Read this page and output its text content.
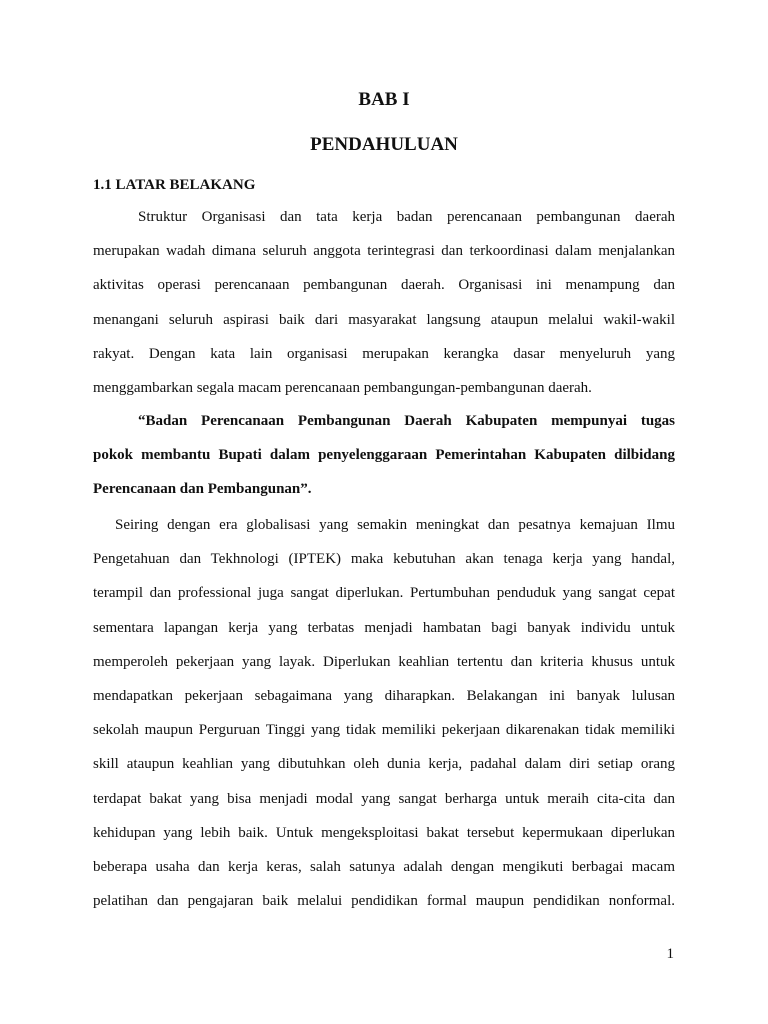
BAB I
PENDAHULUAN
1.1 LATAR BELAKANG

Struktur Organisasi dan tata kerja badan perencanaan pembangunan daerah
merupakan wadah dimana seluruh anggota terintegrasi dan terkoordinasi dalam menjalankan
aktivitas operasi perencanaan pembangunan daerah. Organisasi ini menampung dan
menangani seluruh aspirasi baik dari masyarakat langsung ataupun melalui wakil-wakil
rakyat. Dengan kata lain organisasi merupakan kerangka dasar menyeluruh yang
menggambarkan segala macam perencanaan pembangungan-pembangunan daerah.

“Badan Perencanaan Pembangunan Daerah Kabupaten mempunyai tugas
pokok membantu Bupati dalam penyelenggaraan Pemerintahan Kabupaten dilbidang
Perencanaan dan Pembangunan”.

Seiring dengan era globalisasi yang semakin meningkat dan pesatnya kemajuan Ilmu
Pengetahuan dan Tekhnologi (IPTEK) maka kebutuhan akan tenaga kerja yang handal,
terampil dan professional juga sangat diperlukan. Pertumbuhan penduduk yang sangat cepat
sementara lapangan kerja yang terbatas menjadi hambatan bagi banyak individu untuk
memperoleh pekerjaan yang layak. Diperlukan keahlian tertentu dan kriteria khusus untuk
mendapatkan pekerjaan sebagaimana yang diharapkan. Belakangan ini banyak lulusan
sekolah maupun Perguruan Tinggi yang tidak memiliki pekerjaan dikarenakan tidak memiliki
skill ataupun keahlian yang dibutuhkan oleh dunia kerja, padahal dalam diri setiap orang
terdapat bakat yang bisa menjadi modal yang sangat berharga untuk meraih cita-cita dan
kehidupan yang lebih baik. Untuk mengeksploitasi bakat tersebut kepermukaan diperlukan
beberapa usaha dan kerja keras, salah satunya adalah dengan mengikuti berbagai macam
pelatihan dan pengajaran baik melalui pendidikan formal maupun pendidikan nonformal.

1
